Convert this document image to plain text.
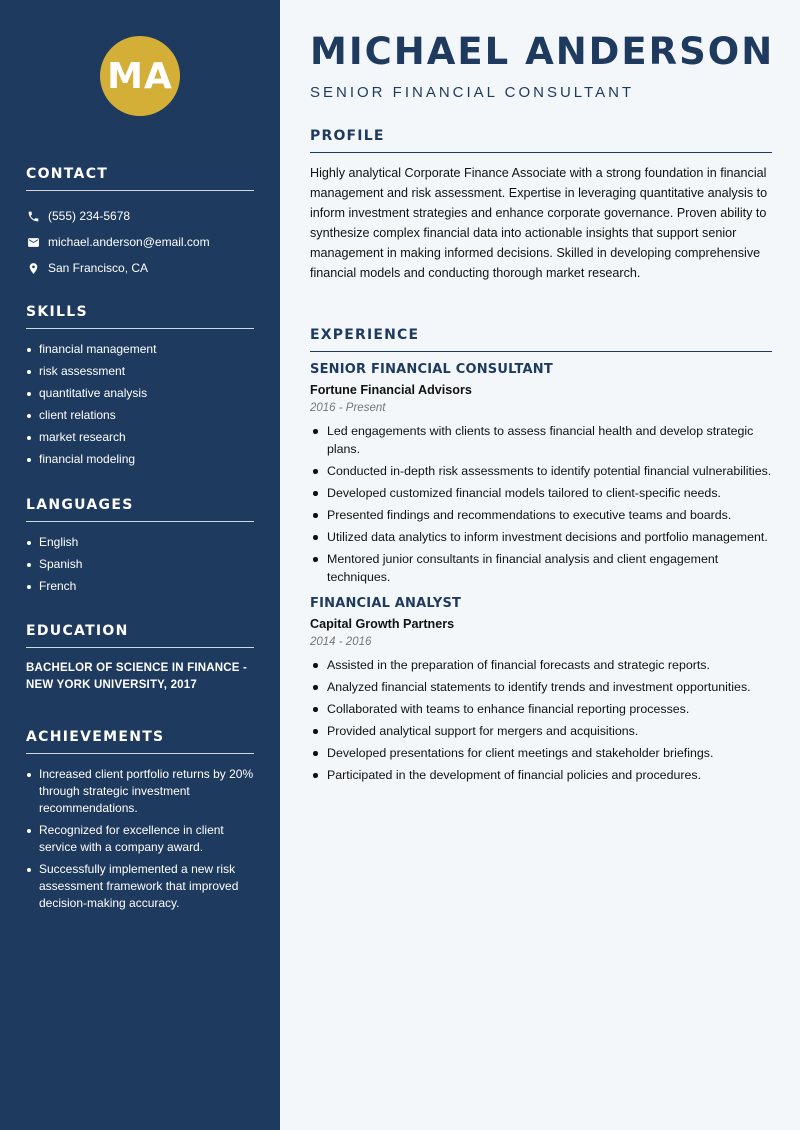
MA
CONTACT
(555) 234-5678
michael.anderson@email.com
San Francisco, CA
SKILLS
financial management
risk assessment
quantitative analysis
client relations
market research
financial modeling
LANGUAGES
English
Spanish
French
EDUCATION
BACHELOR OF SCIENCE IN FINANCE - NEW YORK UNIVERSITY, 2017
ACHIEVEMENTS
Increased client portfolio returns by 20% through strategic investment recommendations.
Recognized for excellence in client service with a company award.
Successfully implemented a new risk assessment framework that improved decision-making accuracy.
MICHAEL ANDERSON
SENIOR FINANCIAL CONSULTANT
PROFILE

Highly analytical Corporate Finance Associate with a strong foundation in financial management and risk assessment. Expertise in leveraging quantitative analysis to inform investment strategies and enhance corporate governance. Proven ability to synthesize complex financial data into actionable insights that support senior management in making informed decisions. Skilled in developing comprehensive financial models and conducting thorough market research.

EXPERIENCE
SENIOR FINANCIAL CONSULTANT
Fortune Financial Advisors
2016 - Present
Led engagements with clients to assess financial health and develop strategic plans.
Conducted in-depth risk assessments to identify potential financial vulnerabilities.
Developed customized financial models tailored to client-specific needs.
Presented findings and recommendations to executive teams and boards.
Utilized data analytics to inform investment decisions and portfolio management.
Mentored junior consultants in financial analysis and client engagement techniques.
FINANCIAL ANALYST
Capital Growth Partners
2014 - 2016
Assisted in the preparation of financial forecasts and strategic reports.
Analyzed financial statements to identify trends and investment opportunities.
Collaborated with teams to enhance financial reporting processes.
Provided analytical support for mergers and acquisitions.
Developed presentations for client meetings and stakeholder briefings.
Participated in the development of financial policies and procedures.
